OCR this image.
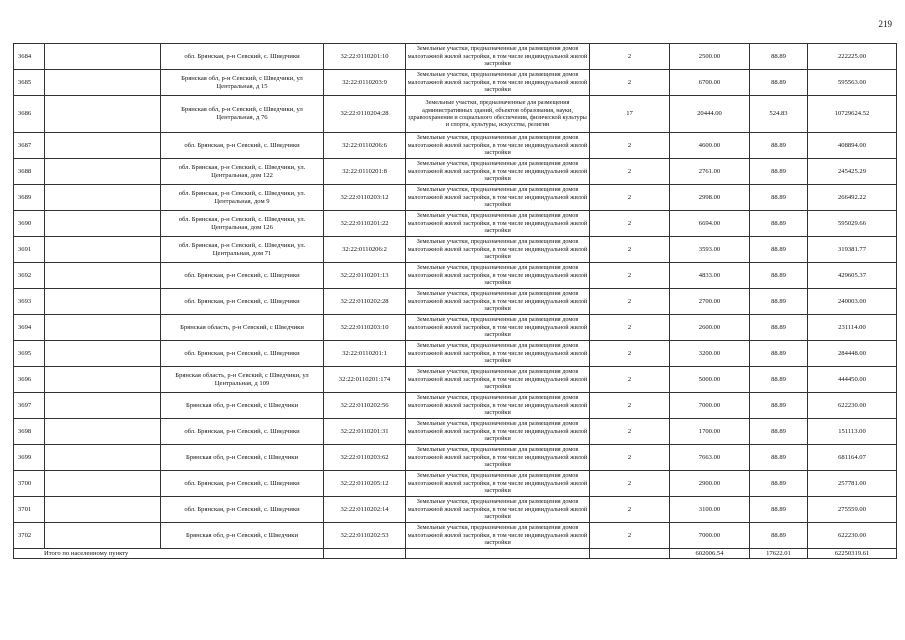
219
3684		обл. Брянская, р-н Севский, с. Шведчики	32:22:0110201:10	Земельные участки, предназначенные для размещения домов малоэтажной жилой застройки, в том числе индивидуальной жилой застройки	2	2500.00	88.89	222225.00
3685		Брянская обл, р-н Севский, с Шведчики, ул Центральная, д 15	32:22:0110203:9	Земельные участки, предназначенные для размещения домов малоэтажной жилой застройки, в том числе индивидуальной жилой застройки	2	6700.00	88.89	595563.00
3686		Брянская обл, р-н Севский, с Шведчики, ул Центральная, д 76	32:22:0110204:28	Земельные участки, предназначенные для размещения административных зданий, объектов образования, науки, здравоохранения и социального обеспечения, физической культуры и спорта, культуры, искусства, религии	17	20444.00	524.83	10729624.52
3687		обл. Брянская, р-н Севский, с. Шведчики	32:22:0110206:6	Земельные участки, предназначенные для размещения домов малоэтажной жилой застройки, в том числе индивидуальной жилой застройки	2	4600.00	88.89	408894.00
3688		обл. Брянская, р-н Севский, с. Шведчики, ул. Центральная, дом 122	32:22:0110201:8	Земельные участки, предназначенные для размещения домов малоэтажной жилой застройки, в том числе индивидуальной жилой застройки	2	2761.00	88.89	245425.29
3689		обл. Брянская, р-н Севский, с. Шведчики, ул. Центральная, дом 9	32:22:0110203:12	Земельные участки, предназначенные для размещения домов малоэтажной жилой застройки, в том числе индивидуальной жилой застройки	2	2998.00	88.89	266492.22
3690		обл. Брянская, р-н Севский, с. Шведчики, ул. Центральная, дом 126	32:22:0110201:22	Земельные участки, предназначенные для размещения домов малоэтажной жилой застройки, в том числе индивидуальной жилой застройки	2	6694.00	88.89	595029.66
3691		обл. Брянская, р-н Севский, с. Шведчики, ул. Центральная, дом 71	32:22:0110206:2	Земельные участки, предназначенные для размещения домов малоэтажной жилой застройки, в том числе индивидуальной жилой застройки	2	3593.00	88.89	319381.77
3692		обл. Брянская, р-н Севский, с. Шведчики	32:22:0110201:13	Земельные участки, предназначенные для размещения домов малоэтажной жилой застройки, в том числе индивидуальной жилой застройки	2	4833.00	88.89	429605.37
3693		обл. Брянская, р-н Севский, с. Шведчики	32:22:0110202:28	Земельные участки, предназначенные для размещения домов малоэтажной жилой застройки, в том числе индивидуальной жилой застройки	2	2700.00	88.89	240003.00
3694		Брянская область, р-н Севский, с Шведчики	32:22:0110203:10	Земельные участки, предназначенные для размещения домов малоэтажной жилой застройки, в том числе индивидуальной жилой застройки	2	2600.00	88.89	231114.00
3695		обл. Брянская, р-н Севский, с. Шведчики	32:22:0110201:1	Земельные участки, предназначенные для размещения домов малоэтажной жилой застройки, в том числе индивидуальной жилой застройки	2	3200.00	88.89	284448.00
3696		Брянская область, р-н Севский, с Шведчики, ул Центральная, д 109	32:22:0110201:174	Земельные участки, предназначенные для размещения домов малоэтажной жилой застройки, в том числе индивидуальной жилой застройки	2	5000.00	88.89	444450.00
3697		Брянская обл, р-н Севский, с Шведчики	32:22:0110202:56	Земельные участки, предназначенные для размещения домов малоэтажной жилой застройки, в том числе индивидуальной жилой застройки	2	7000.00	88.89	622230.00
3698		обл. Брянская, р-н Севский, с. Шведчики	32:22:0110201:31	Земельные участки, предназначенные для размещения домов малоэтажной жилой застройки, в том числе индивидуальной жилой застройки	2	1700.00	88.89	151113.00
3699		Брянская обл, р-н Севский, с Шведчики	32:22:0110203:62	Земельные участки, предназначенные для размещения домов малоэтажной жилой застройки, в том числе индивидуальной жилой застройки	2	7663.00	88.89	681164.07
3700		обл. Брянская, р-н Севский, с. Шведчики	32:22:0110205:12	Земельные участки, предназначенные для размещения домов малоэтажной жилой застройки, в том числе индивидуальной жилой застройки	2	2900.00	88.89	257781.00
3701		обл. Брянская, р-н Севский, с. Шведчики	32:22:0110202:14	Земельные участки, предназначенные для размещения домов малоэтажной жилой застройки, в том числе индивидуальной жилой застройки	2	3100.00	88.89	275559.00
3702		Брянская обл, р-н Севский, с Шведчики	32:22:0110202:53	Земельные участки, предназначенные для размещения домов малоэтажной жилой застройки, в том числе индивидуальной жилой застройки	2	7000.00	88.89	622230.00
Итого по населенному пункту						602006.54	17622.01	62250319.61
